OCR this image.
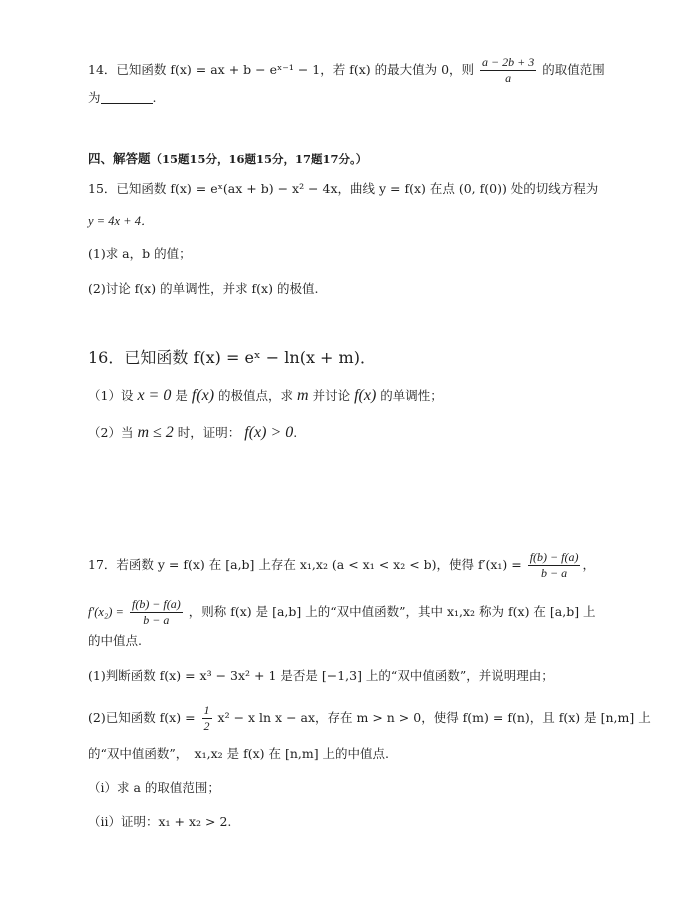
14．已知函数 f(x) = ax + b − eˣ⁻¹ − 1，若 f(x) 的最大值为 0，则 $\frac{a - 2b + 3}{a}$ 的取值范围
为	.
四、解答题（15题15分，16题15分，17题17分。）
15．已知函数 f(x) = eˣ(ax + b) − x² − 4x，曲线 y = f(x) 在点 (0, f(0)) 处的切线方程为
y = 4x + 4．
(1)求 a，b 的值；
(2)讨论 f(x) 的单调性，并求 f(x) 的极值.
16．已知函数 f(x) = eˣ − ln(x + m)．
（1）设 x = 0 是 f(x) 的极值点，求 m 并讨论 f(x) 的单调性；
（2）当 m ≤ 2 时，证明： f(x) > 0.
17．若函数 y = f(x) 在 [a,b] 上存在 x₁,x₂ (a < x₁ < x₂ < b)，使得 $f'(x_1) = \frac{f(b) - f(a)}{b - a}$ ，
$f'(x_2) = \frac{f(b) - f(a)}{b - a}$ ，则称 f(x) 是 [a,b] 上的“双中值函数”，其中 x₁,x₂ 称为 f(x) 在 [a,b] 上
的中值点.
(1)判断函数 f(x) = x³ − 3x² + 1 是否是 [−1,3] 上的“双中值函数”，并说明理由；
(2)已知函数 $f(x) = \frac{1}{2} x^2 - x$ ln x − ax，存在 m > n > 0，使得 f(m) = f(n)，且 f(x) 是 [n,m] 上
的“双中值函数”，　x₁,x₂ 是 f(x) 在 [n,m] 上的中值点.
（i）求 a 的取值范围；
（ii）证明：x₁ + x₂ > 2.
